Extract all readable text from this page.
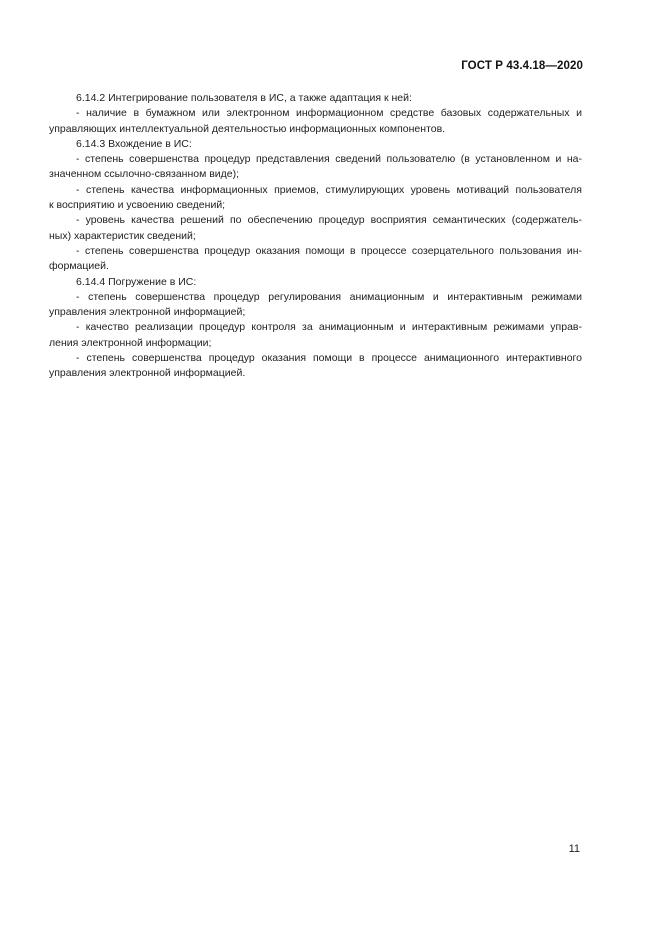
ГОСТ Р 43.4.18—2020
6.14.2 Интегрирование пользователя в ИС, а также адаптация к ней:
- наличие в бумажном или электронном информационном средстве базовых содержательных и
управляющих интеллектуальной деятельностью информационных компонентов.
6.14.3 Вхождение в ИС:
- степень совершенства процедур представления сведений пользователю (в установленном и на-
значенном ссылочно-связанном виде);
- степень качества информационных приемов, стимулирующих уровень мотиваций пользователя
к восприятию и усвоению сведений;
- уровень качества решений по обеспечению процедур восприятия семантических (содержатель-
ных) характеристик сведений;
- степень совершенства процедур оказания помощи в процессе созерцательного пользования ин-
формацией.
6.14.4 Погружение в ИС:
- степень совершенства процедур регулирования анимационным и интерактивным режимами
управления электронной информацией;
- качество реализации процедур контроля за анимационным и интерактивным режимами управ-
ления электронной информации;
- степень совершенства процедур оказания помощи в процессе анимационного интерактивного
управления электронной информацией.
11
